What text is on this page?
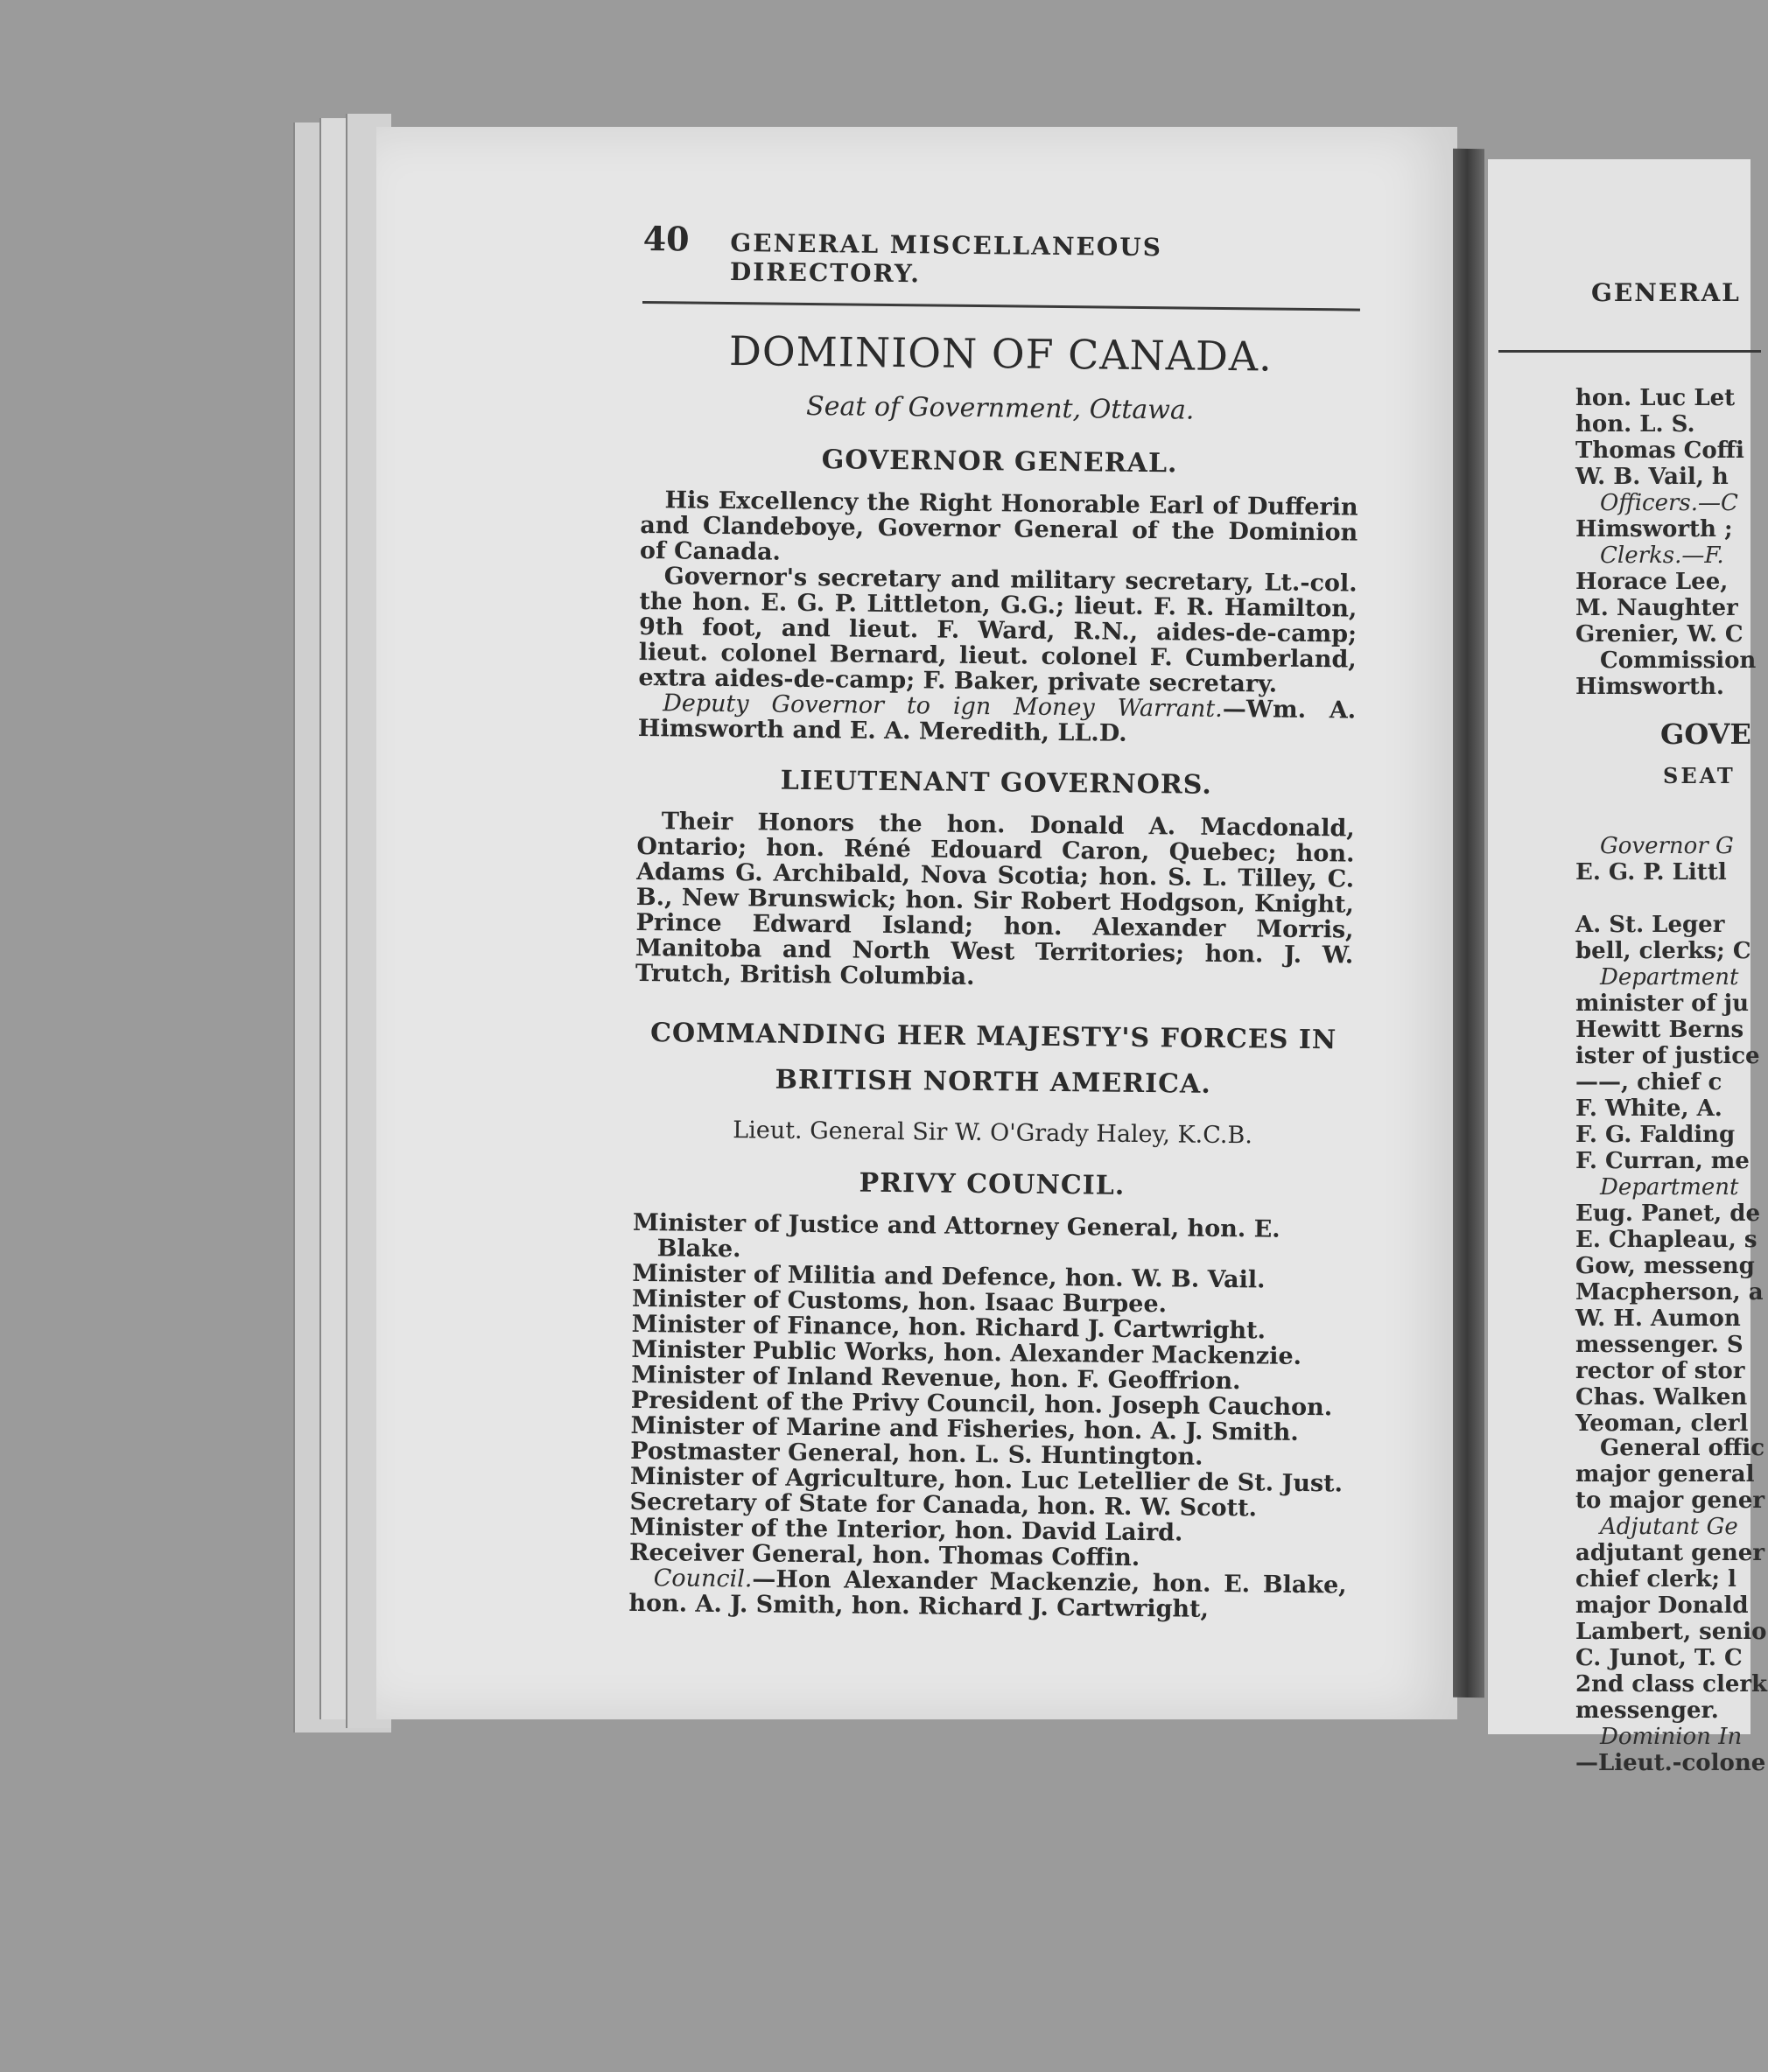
40	GENERAL MISCELLANEOUS DIRECTORY.
DOMINION OF CANADA.
Seat of Government, Ottawa.
GOVERNOR GENERAL.

His Excellency the Right Honorable Earl of Dufferin and Clandeboye, Governor General of the Dominion of Canada.

Governor's secretary and military secretary, Lt.-col. the hon. E. G. P. Littleton, G.G.; lieut. F. R. Hamilton, 9th foot, and lieut. F. Ward, R.N., aides-de-camp; lieut. colonel Bernard, lieut. colonel F. Cumberland, extra aides-de-camp; F. Baker, private secretary.

Deputy Governor to ign Money Warrant.—Wm. A. Himsworth and E. A. Meredith, LL.D.

LIEUTENANT GOVERNORS.

Their Honors the hon. Donald A. Macdonald, Ontario; hon. Réné Edouard Caron, Quebec; hon. Adams G. Archibald, Nova Scotia; hon. S. L. Tilley, C. B., New Brunswick; hon. Sir Robert Hodgson, Knight, Prince Edward Island; hon. Alexander Morris, Manitoba and North West Territories; hon. J. W. Trutch, British Columbia.

COMMANDING HER MAJESTY'S FORCES IN
BRITISH NORTH AMERICA.
Lieut. General Sir W. O'Grady Haley, K.C.B.
PRIVY COUNCIL.
Minister of Justice and Attorney General, hon. E. Blake.
Minister of Militia and Defence, hon. W. B. Vail.
Minister of Customs, hon. Isaac Burpee.
Minister of Finance, hon. Richard J. Cartwright.
Minister Public Works, hon. Alexander Mackenzie.
Minister of Inland Revenue, hon. F. Geoffrion.
President of the Privy Council, hon. Joseph Cauchon.
Minister of Marine and Fisheries, hon. A. J. Smith.
Postmaster General, hon. L. S. Huntington.
Minister of Agriculture, hon. Luc Letellier de St. Just.
Secretary of State for Canada, hon. R. W. Scott.
Minister of the Interior, hon. David Laird.
Receiver General, hon. Thomas Coffin.

Council.—Hon Alexander Mackenzie, hon. E. Blake, hon. A. J. Smith, hon. Richard J. Cartwright,

GENERAL
hon. Luc Let
hon. L. S.
Thomas Coffi
W. B. Vail, h
Officers.—C
Himsworth ;
Clerks.—F.
Horace Lee,
M. Naughter
Grenier, W. C
Commission
Himsworth.
GOVE
SEAT
Governor G
E. G. P. Littl
A. St. Leger
bell, clerks; C
Department
minister of ju
Hewitt Berns
ister of justice
——, chief c
F. White, A.
F. G. Falding
F. Curran, me
Department
Eug. Panet, de
E. Chapleau, s
Gow, messeng
Macpherson, a
W. H. Aumon
messenger. S
rector of stor
Chas. Walken
Yeoman, clerl
General offic
major general
to major gener
Adjutant Ge
adjutant gener
chief clerk; l
major Donald
Lambert, senio
C. Junot, T. C
2nd class clerk
messenger.
Dominion In
—Lieut.-colone
